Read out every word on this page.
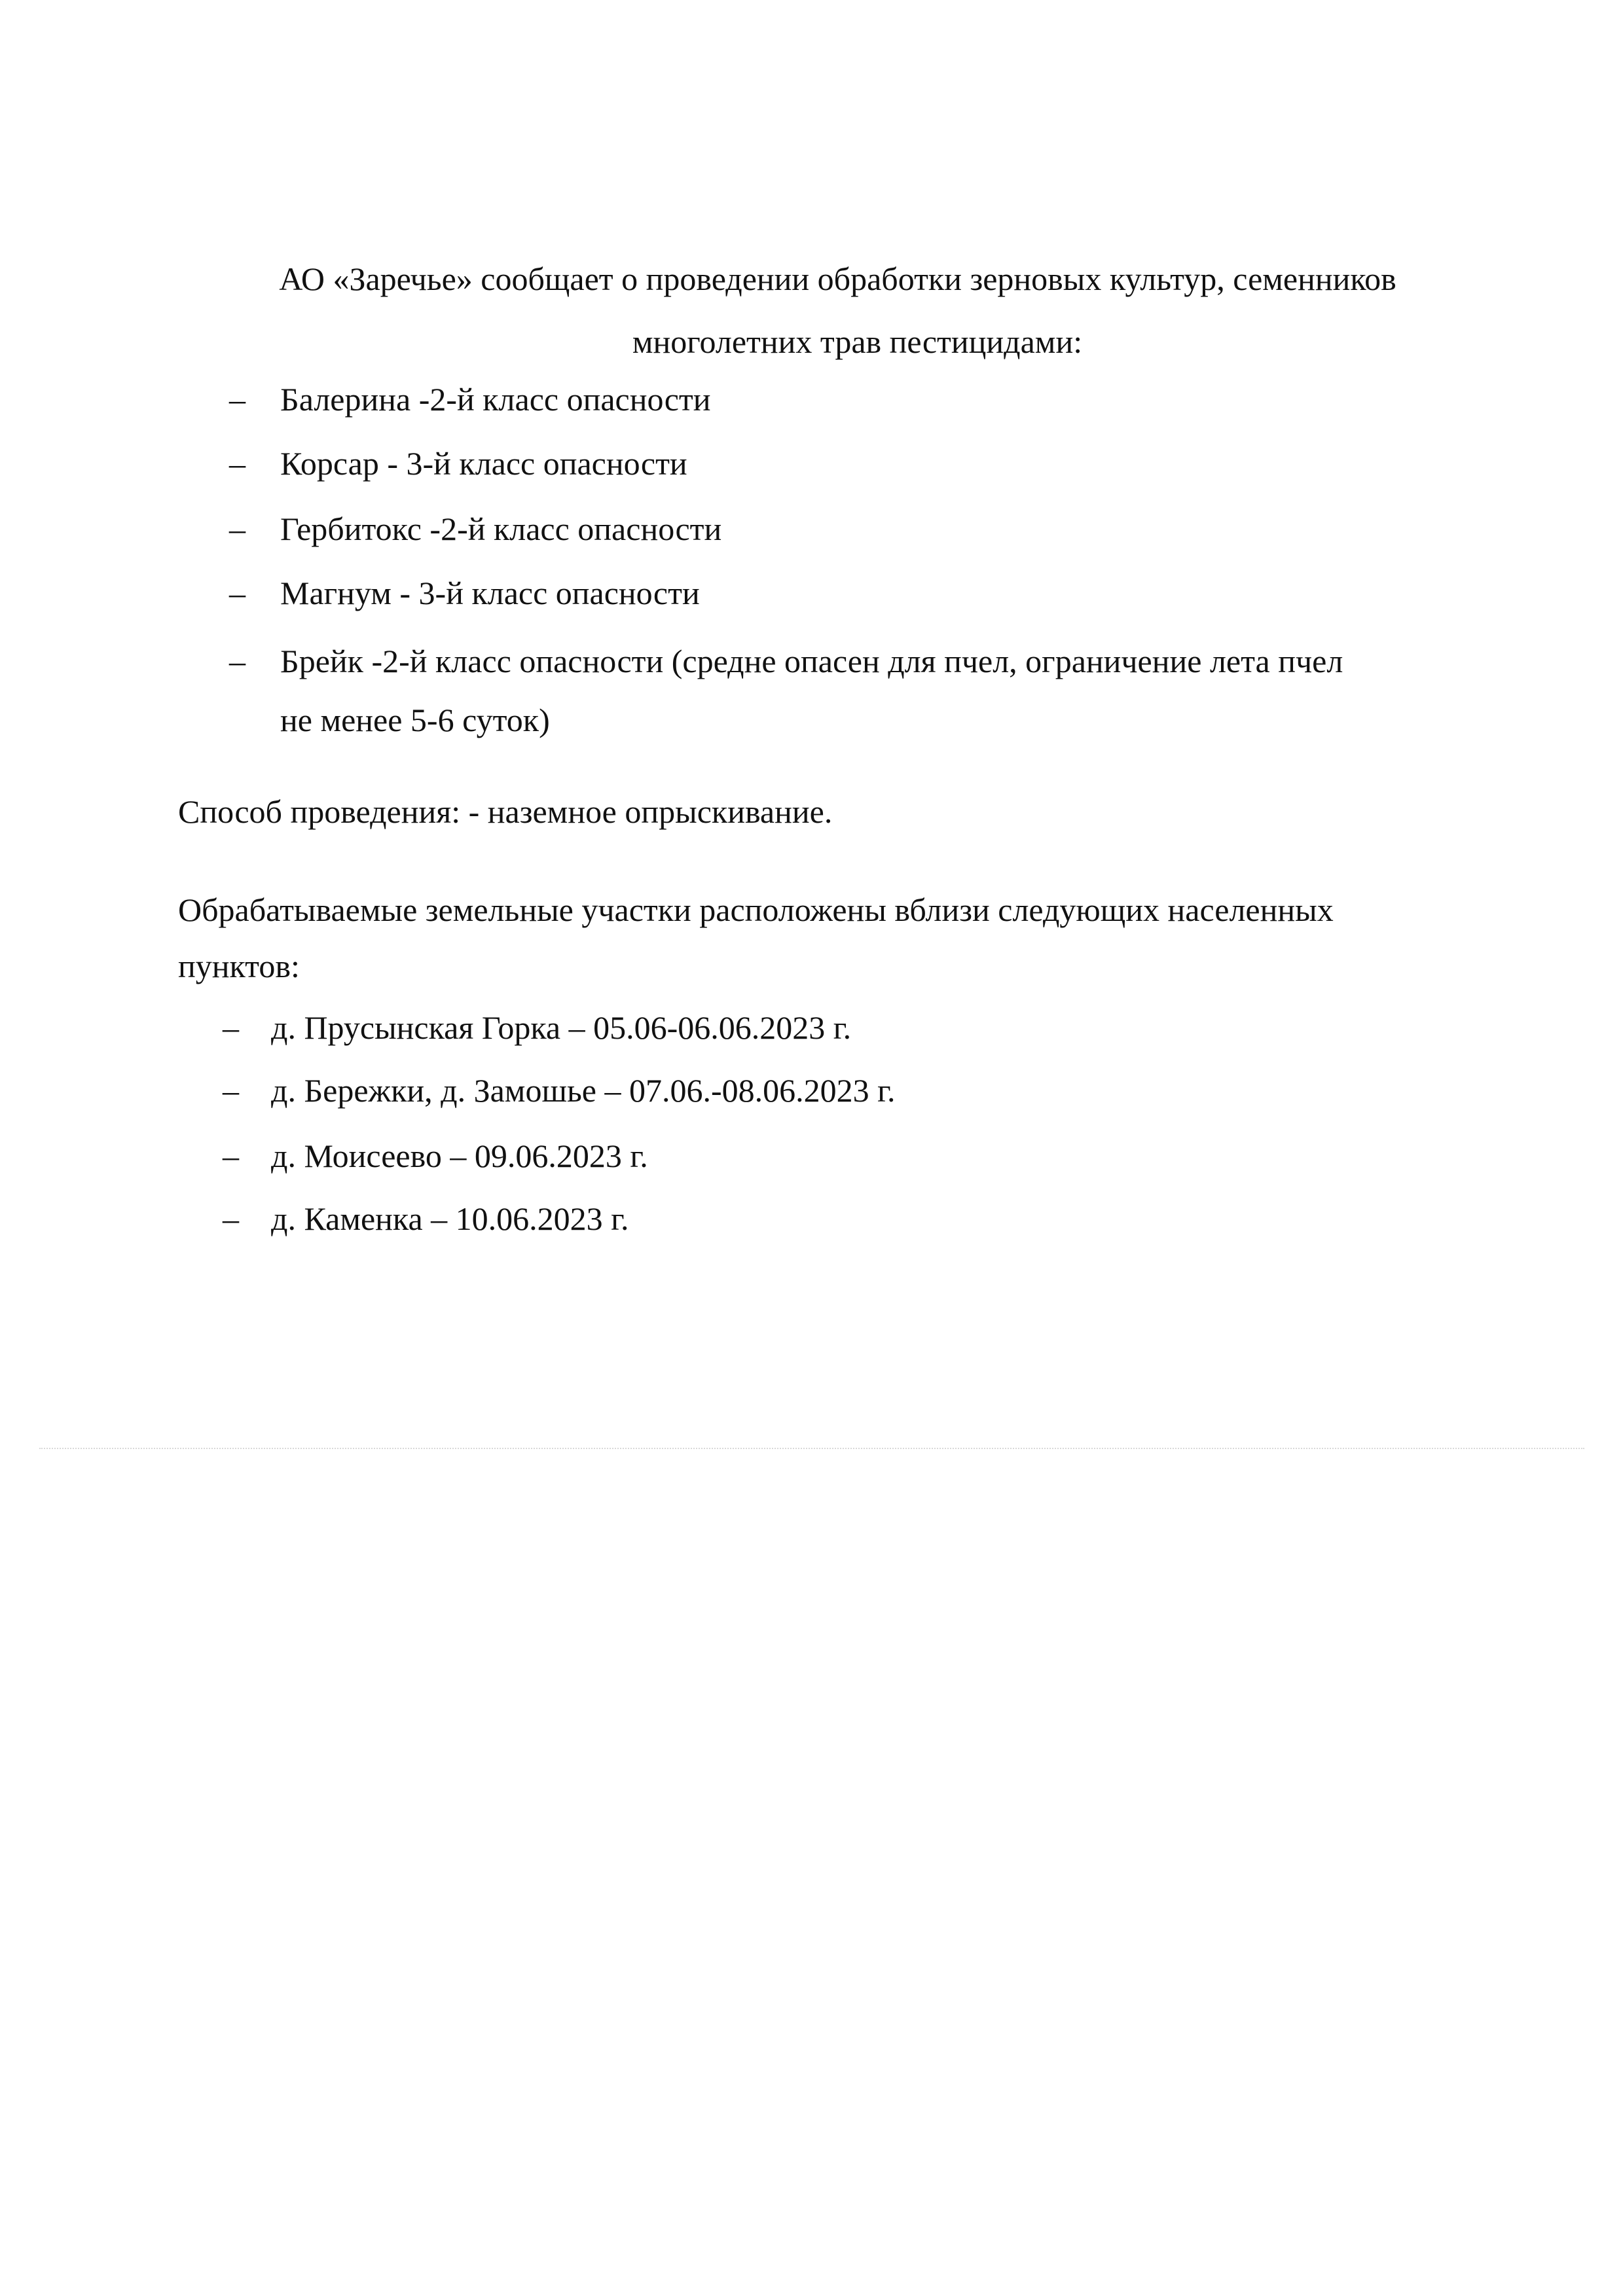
АО «Заречье» сообщает о проведении обработки зерновых культур, семенников
многолетних трав пестицидами:
– Балерина -2-й класс опасности
– Корсар - 3-й класс опасности
– Гербитокс -2-й класс опасности
– Магнум - 3-й класс опасности
– Брейк -2-й класс опасности (средне опасен для пчел, ограничение лета пчел
не менее 5-6 суток)
Способ проведения: - наземное опрыскивание.
Обрабатываемые земельные участки расположены вблизи следующих населенных
пунктов:
– д. Прусынская Горка – 05.06-06.06.2023 г.
– д. Бережки, д. Замошье – 07.06.-08.06.2023 г.
– д. Моисеево – 09.06.2023 г.
– д. Каменка – 10.06.2023 г.
